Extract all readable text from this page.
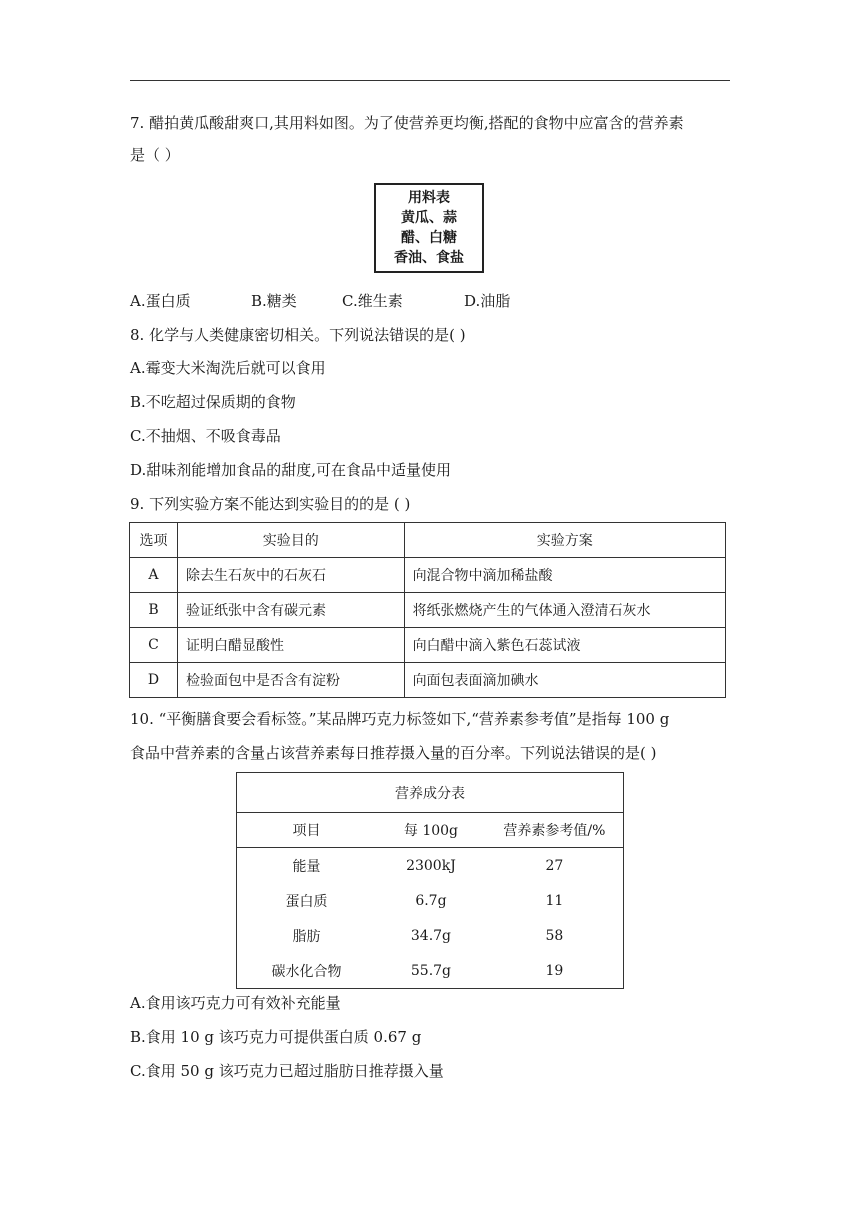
7. 醋拍黄瓜酸甜爽口,其用料如图。为了使营养更均衡,搭配的食物中应富含的营养素
是（ ）
用料表
黄瓜、蒜
醋、白糖
香油、食盐
A.蛋白质	B.糖类	C.维生素	D.油脂
8. 化学与人类健康密切相关。下列说法错误的是( )
A.霉变大米淘洗后就可以食用
B.不吃超过保质期的食物
C.不抽烟、不吸食毒品
D.甜味剂能增加食品的甜度,可在食品中适量使用
9. 下列实验方案不能达到实验目的的是 ( )
选项	实验目的	实验方案
A	除去生石灰中的石灰石	向混合物中滴加稀盐酸
B	验证纸张中含有碳元素	将纸张燃烧产生的气体通入澄清石灰水
C	证明白醋显酸性	向白醋中滴入紫色石蕊试液
D	检验面包中是否含有淀粉	向面包表面滴加碘水
10. “平衡膳食要会看标签。”某品牌巧克力标签如下,“营养素参考值”是指每 100 g
食品中营养素的含量占该营养素每日推荐摄入量的百分率。下列说法错误的是( )
营养成分表		
项目	每 100g	营养素参考值/%
能量	2300kJ	27
蛋白质	6.7g	11
脂肪	34.7g	58
碳水化合物	55.7g	19
A.食用该巧克力可有效补充能量
B.食用 10 g 该巧克力可提供蛋白质 0.67 g
C.食用 50 g 该巧克力已超过脂肪日推荐摄入量
